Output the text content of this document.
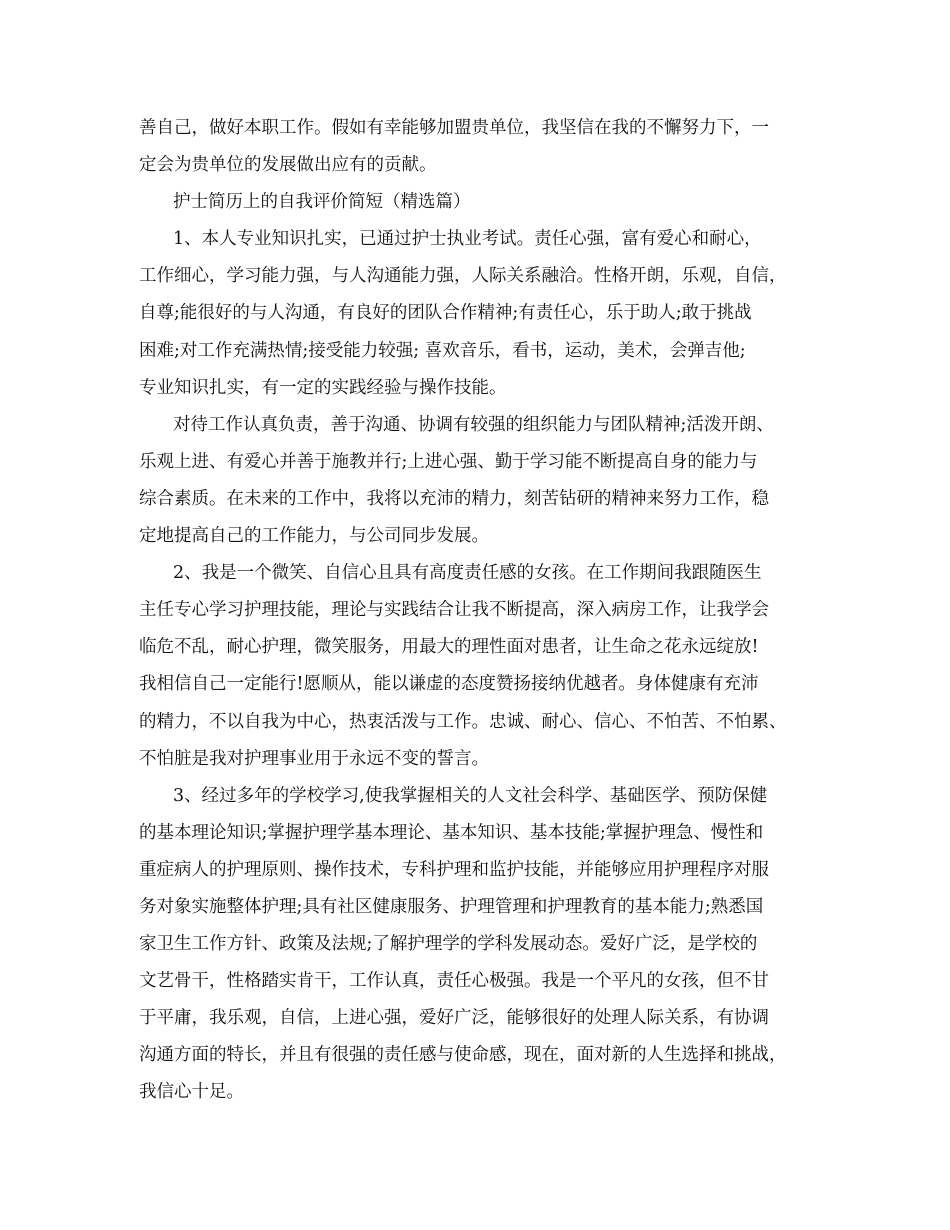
善自己，做好本职工作。假如有幸能够加盟贵单位，我坚信在我的不懈努力下，一
定会为贵单位的发展做出应有的贡献。
护士简历上的自我评价简短（精选篇）
1、本人专业知识扎实，已通过护士执业考试。责任心强，富有爱心和耐心，
工作细心，学习能力强，与人沟通能力强，人际关系融洽。性格开朗，乐观，自信，
自尊;能很好的与人沟通，有良好的团队合作精神;有责任心，乐于助人;敢于挑战
困难;对工作充满热情;接受能力较强; 喜欢音乐，看书，运动，美术，会弹吉他;
专业知识扎实，有一定的实践经验与操作技能。
对待工作认真负责，善于沟通、协调有较强的组织能力与团队精神;活泼开朗、
乐观上进、有爱心并善于施教并行;上进心强、勤于学习能不断提高自身的能力与
综合素质。在未来的工作中，我将以充沛的精力，刻苦钻研的精神来努力工作，稳
定地提高自己的工作能力，与公司同步发展。
2、我是一个微笑、自信心且具有高度责任感的女孩。在工作期间我跟随医生
主任专心学习护理技能，理论与实践结合让我不断提高，深入病房工作，让我学会
临危不乱，耐心护理，微笑服务，用最大的理性面对患者，让生命之花永远绽放!
我相信自己一定能行!愿顺从，能以谦虚的态度赞扬接纳优越者。身体健康有充沛
的精力，不以自我为中心，热衷活泼与工作。忠诚、耐心、信心、不怕苦、不怕累、
不怕脏是我对护理事业用于永远不变的誓言。
3、经过多年的学校学习,使我掌握相关的人文社会科学、基础医学、预防保健
的基本理论知识;掌握护理学基本理论、基本知识、基本技能;掌握护理急、慢性和
重症病人的护理原则、操作技术，专科护理和监护技能，并能够应用护理程序对服
务对象实施整体护理;具有社区健康服务、护理管理和护理教育的基本能力;熟悉国
家卫生工作方针、政策及法规;了解护理学的学科发展动态。爱好广泛，是学校的
文艺骨干，性格踏实肯干，工作认真，责任心极强。我是一个平凡的女孩，但不甘
于平庸，我乐观，自信，上进心强，爱好广泛，能够很好的处理人际关系，有协调
沟通方面的特长，并且有很强的责任感与使命感，现在，面对新的人生选择和挑战，
我信心十足。
